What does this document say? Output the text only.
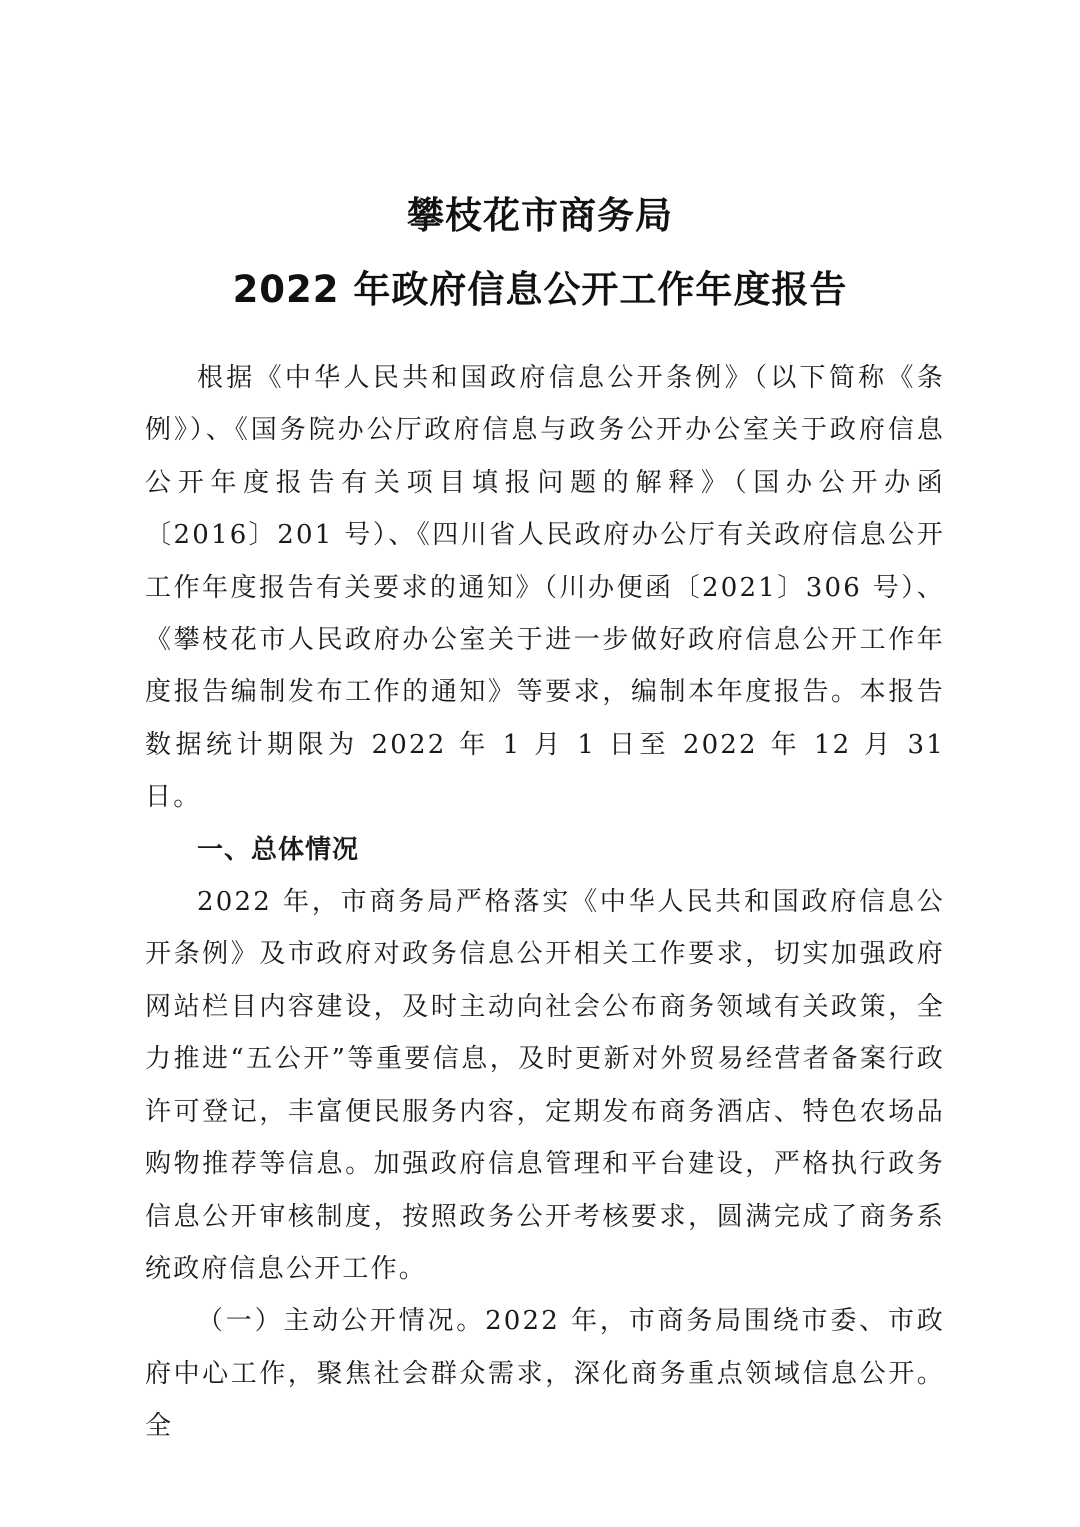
攀枝花市商务局
2022 年政府信息公开工作年度报告

根据《中华人民共和国政府信息公开条例》（以下简称《条例》）、《国务院办公厅政府信息与政务公开办公室关于政府信息公开年度报告有关项目填报问题的解释》（国办公开办函〔2016〕201 号）、《四川省人民政府办公厅有关政府信息公开工作年度报告有关要求的通知》（川办便函〔2021〕306 号）、《攀枝花市人民政府办公室关于进一步做好政府信息公开工作年度报告编制发布工作的通知》等要求，编制本年度报告。本报告数据统计期限为 2022 年 1 月 1 日至 2022 年 12 月 31 日。

一、总体情况

2022 年，市商务局严格落实《中华人民共和国政府信息公开条例》及市政府对政务信息公开相关工作要求，切实加强政府网站栏目内容建设，及时主动向社会公布商务领域有关政策，全力推进“五公开”等重要信息，及时更新对外贸易经营者备案行政许可登记，丰富便民服务内容，定期发布商务酒店、特色农场品购物推荐等信息。加强政府信息管理和平台建设，严格执行政务信息公开审核制度，按照政务公开考核要求，圆满完成了商务系统政府信息公开工作。

（一）主动公开情况。2022 年，市商务局围绕市委、市政府中心工作，聚焦社会群众需求，深化商务重点领域信息公开。全
